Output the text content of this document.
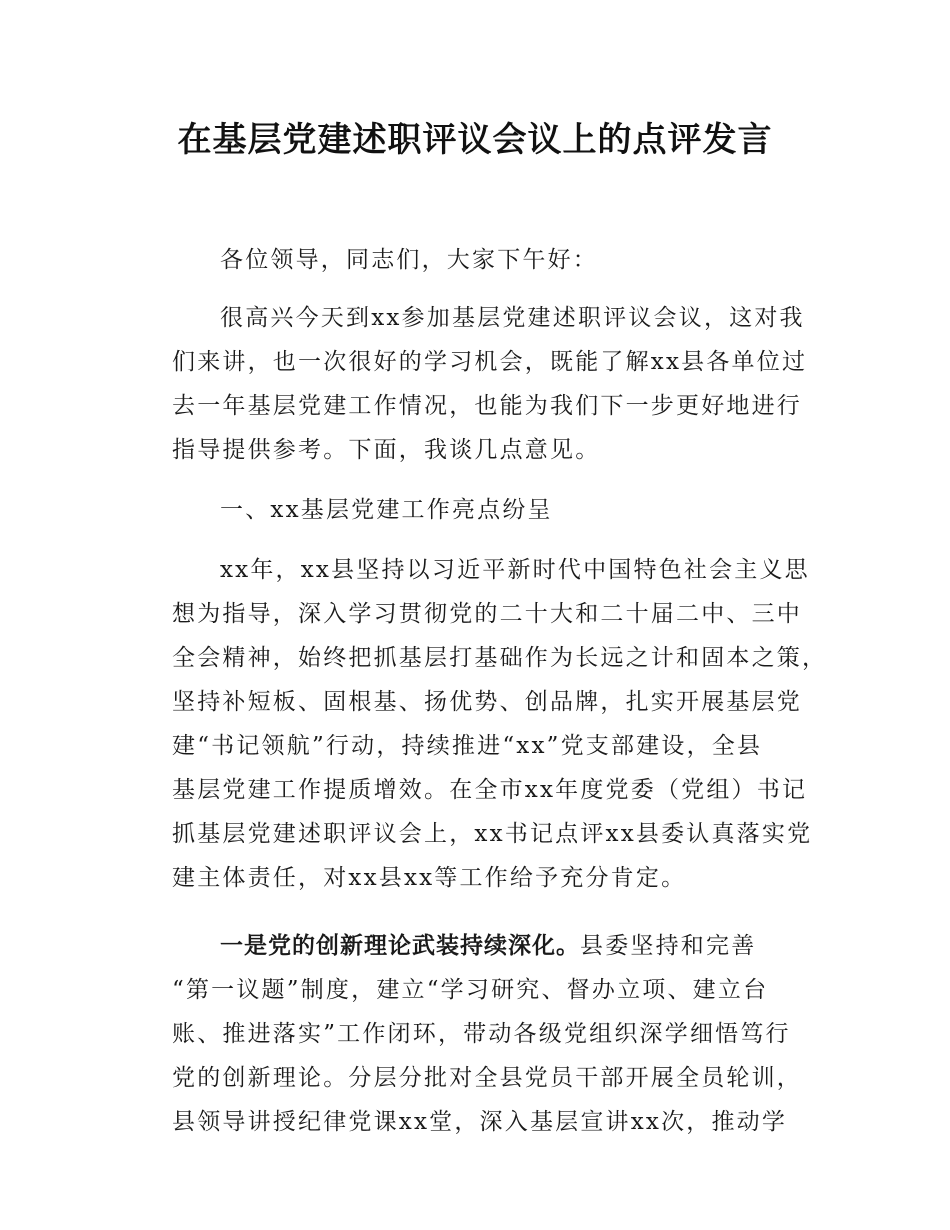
在基层党建述职评议会议上的点评发言

各位领导，同志们，大家下午好：

很高兴今天到xx参加基层党建述职评议会议，这对我
们来讲，也一次很好的学习机会，既能了解xx县各单位过
去一年基层党建工作情况，也能为我们下一步更好地进行
指导提供参考。下面，我谈几点意见。

一、xx基层党建工作亮点纷呈

xx年，xx县坚持以习近平新时代中国特色社会主义思
想为指导，深入学习贯彻党的二十大和二十届二中、三中
全会精神，始终把抓基层打基础作为长远之计和固本之策，
坚持补短板、固根基、扬优势、创品牌，扎实开展基层党
建“书记领航”行动，持续推进“xx”党支部建设，全县
基层党建工作提质增效。在全市xx年度党委（党组）书记
抓基层党建述职评议会上，xx书记点评xx县委认真落实党
建主体责任，对xx县xx等工作给予充分肯定。

一是党的创新理论武装持续深化。县委坚持和完善
“第一议题”制度，建立“学习研究、督办立项、建立台
账、推进落实”工作闭环，带动各级党组织深学细悟笃行
党的创新理论。分层分批对全县党员干部开展全员轮训，
县领导讲授纪律党课xx堂，深入基层宣讲xx次，推动学
